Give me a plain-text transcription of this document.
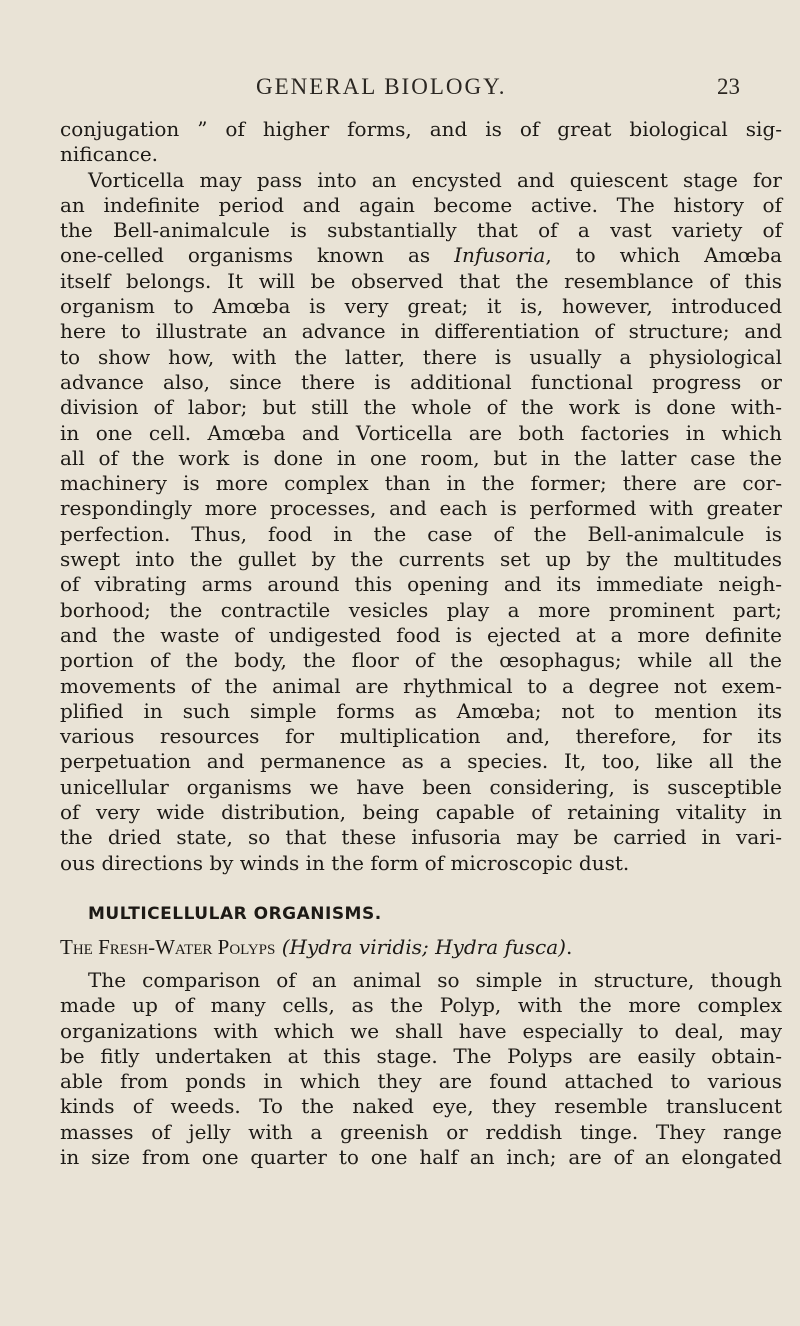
GENERAL BIOLOGY.	23
conjugation ” of higher forms, and is of great biological sig-
nificance.
Vorticella may pass into an encysted and quiescent stage for
an indefinite period and again become active. The history of
the Bell-animalcule is substantially that of a vast variety of
one-celled organisms known as Infusoria, to which Amœba
itself belongs. It will be observed that the resemblance of this
organism to Amœba is very great; it is, however, introduced
here to illustrate an advance in differentiation of structure; and
to show how, with the latter, there is usually a physiological
advance also, since there is additional functional progress or
division of labor; but still the whole of the work is done with-
in one cell. Amœba and Vorticella are both factories in which
all of the work is done in one room, but in the latter case the
machinery is more complex than in the former; there are cor-
respondingly more processes, and each is performed with greater
perfection. Thus, food in the case of the Bell-animalcule is
swept into the gullet by the currents set up by the multitudes
of vibrating arms around this opening and its immediate neigh-
borhood; the contractile vesicles play a more prominent part;
and the waste of undigested food is ejected at a more definite
portion of the body, the floor of the œsophagus; while all the
movements of the animal are rhythmical to a degree not exem-
plified in such simple forms as Amœba; not to mention its
various resources for multiplication and, therefore, for its
perpetuation and permanence as a species. It, too, like all the
unicellular organisms we have been considering, is susceptible
of very wide distribution, being capable of retaining vitality in
the dried state, so that these infusoria may be carried in vari-
ous directions by winds in the form of microscopic dust.
MULTICELLULAR ORGANISMS.
The Fresh-Water Polyps (Hydra viridis; Hydra fusca).
The comparison of an animal so simple in structure, though
made up of many cells, as the Polyp, with the more complex
organizations with which we shall have especially to deal, may
be fitly undertaken at this stage. The Polyps are easily obtain-
able from ponds in which they are found attached to various
kinds of weeds. To the naked eye, they resemble translucent
masses of jelly with a greenish or reddish tinge. They range
in size from one quarter to one half an inch; are of an elongated
